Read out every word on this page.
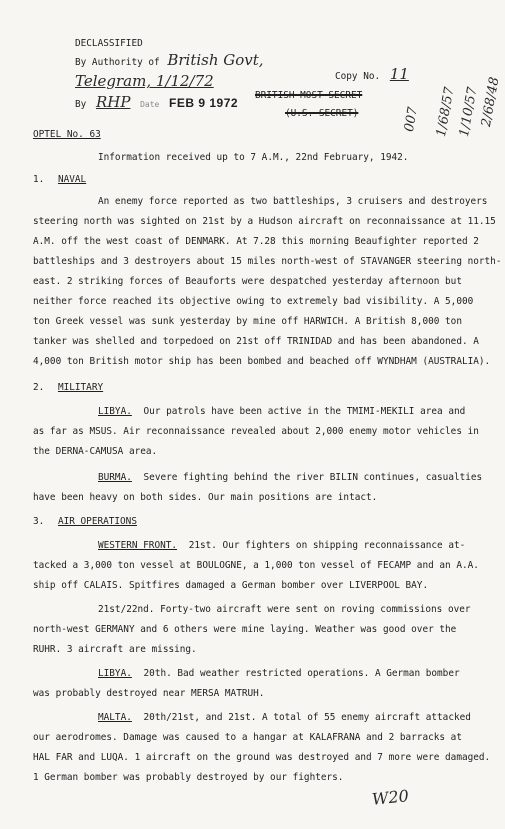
DECLASSIFIED
By Authority of British Govt,
Telegram, 1/12/72
By RHP Date FEB 9 1972
Copy No. 11
BRITISH MOST SECRET
(U.S. SECRET)	007 1/68/57 1/10/57
2/68/48
OPTEL No. 63
Information received up to 7 A.M., 22nd February, 1942.
1. NAVAL
An enemy force reported as two battleships, 3 cruisers and destroyers
steering north was sighted on 21st by a Hudson aircraft on reconnaissance at 11.15
A.M. off the west coast of DENMARK. At 7.28 this morning Beaufighter reported 2
battleships and 3 destroyers about 15 miles north-west of STAVANGER steering north-
east. 2 striking forces of Beauforts were despatched yesterday afternoon but
neither force reached its objective owing to extremely bad visibility. A 5,000
ton Greek vessel was sunk yesterday by mine off HARWICH. A British 8,000 ton
tanker was shelled and torpedoed on 21st off TRINIDAD and has been abandoned. A
4,000 ton British motor ship has been bombed and beached off WYNDHAM (AUSTRALIA).
2. MILITARY
LIBYA. Our patrols have been active in the TMIMI-MEKILI area and
as far as MSUS. Air reconnaissance revealed about 2,000 enemy motor vehicles in
the DERNA-CAMUSA area.
BURMA. Severe fighting behind the river BILIN continues, casualties
have been heavy on both sides. Our main positions are intact.
3. AIR OPERATIONS
WESTERN FRONT. 21st. Our fighters on shipping reconnaissance at-
tacked a 3,000 ton vessel at BOULOGNE, a 1,000 ton vessel of FECAMP and an A.A.
ship off CALAIS. Spitfires damaged a German bomber over LIVERPOOL BAY.
21st/22nd. Forty-two aircraft were sent on roving commissions over
north-west GERMANY and 6 others were mine laying. Weather was good over the
RUHR. 3 aircraft are missing.
LIBYA. 20th. Bad weather restricted operations. A German bomber
was probably destroyed near MERSA MATRUH.
MALTA. 20th/21st, and 21st. A total of 55 enemy aircraft attacked
our aerodromes. Damage was caused to a hangar at KALAFRANA and 2 barracks at
HAL FAR and LUQA. 1 aircraft on the ground was destroyed and 7 more were damaged.
1 German bomber was probably destroyed by our fighters.
W20
